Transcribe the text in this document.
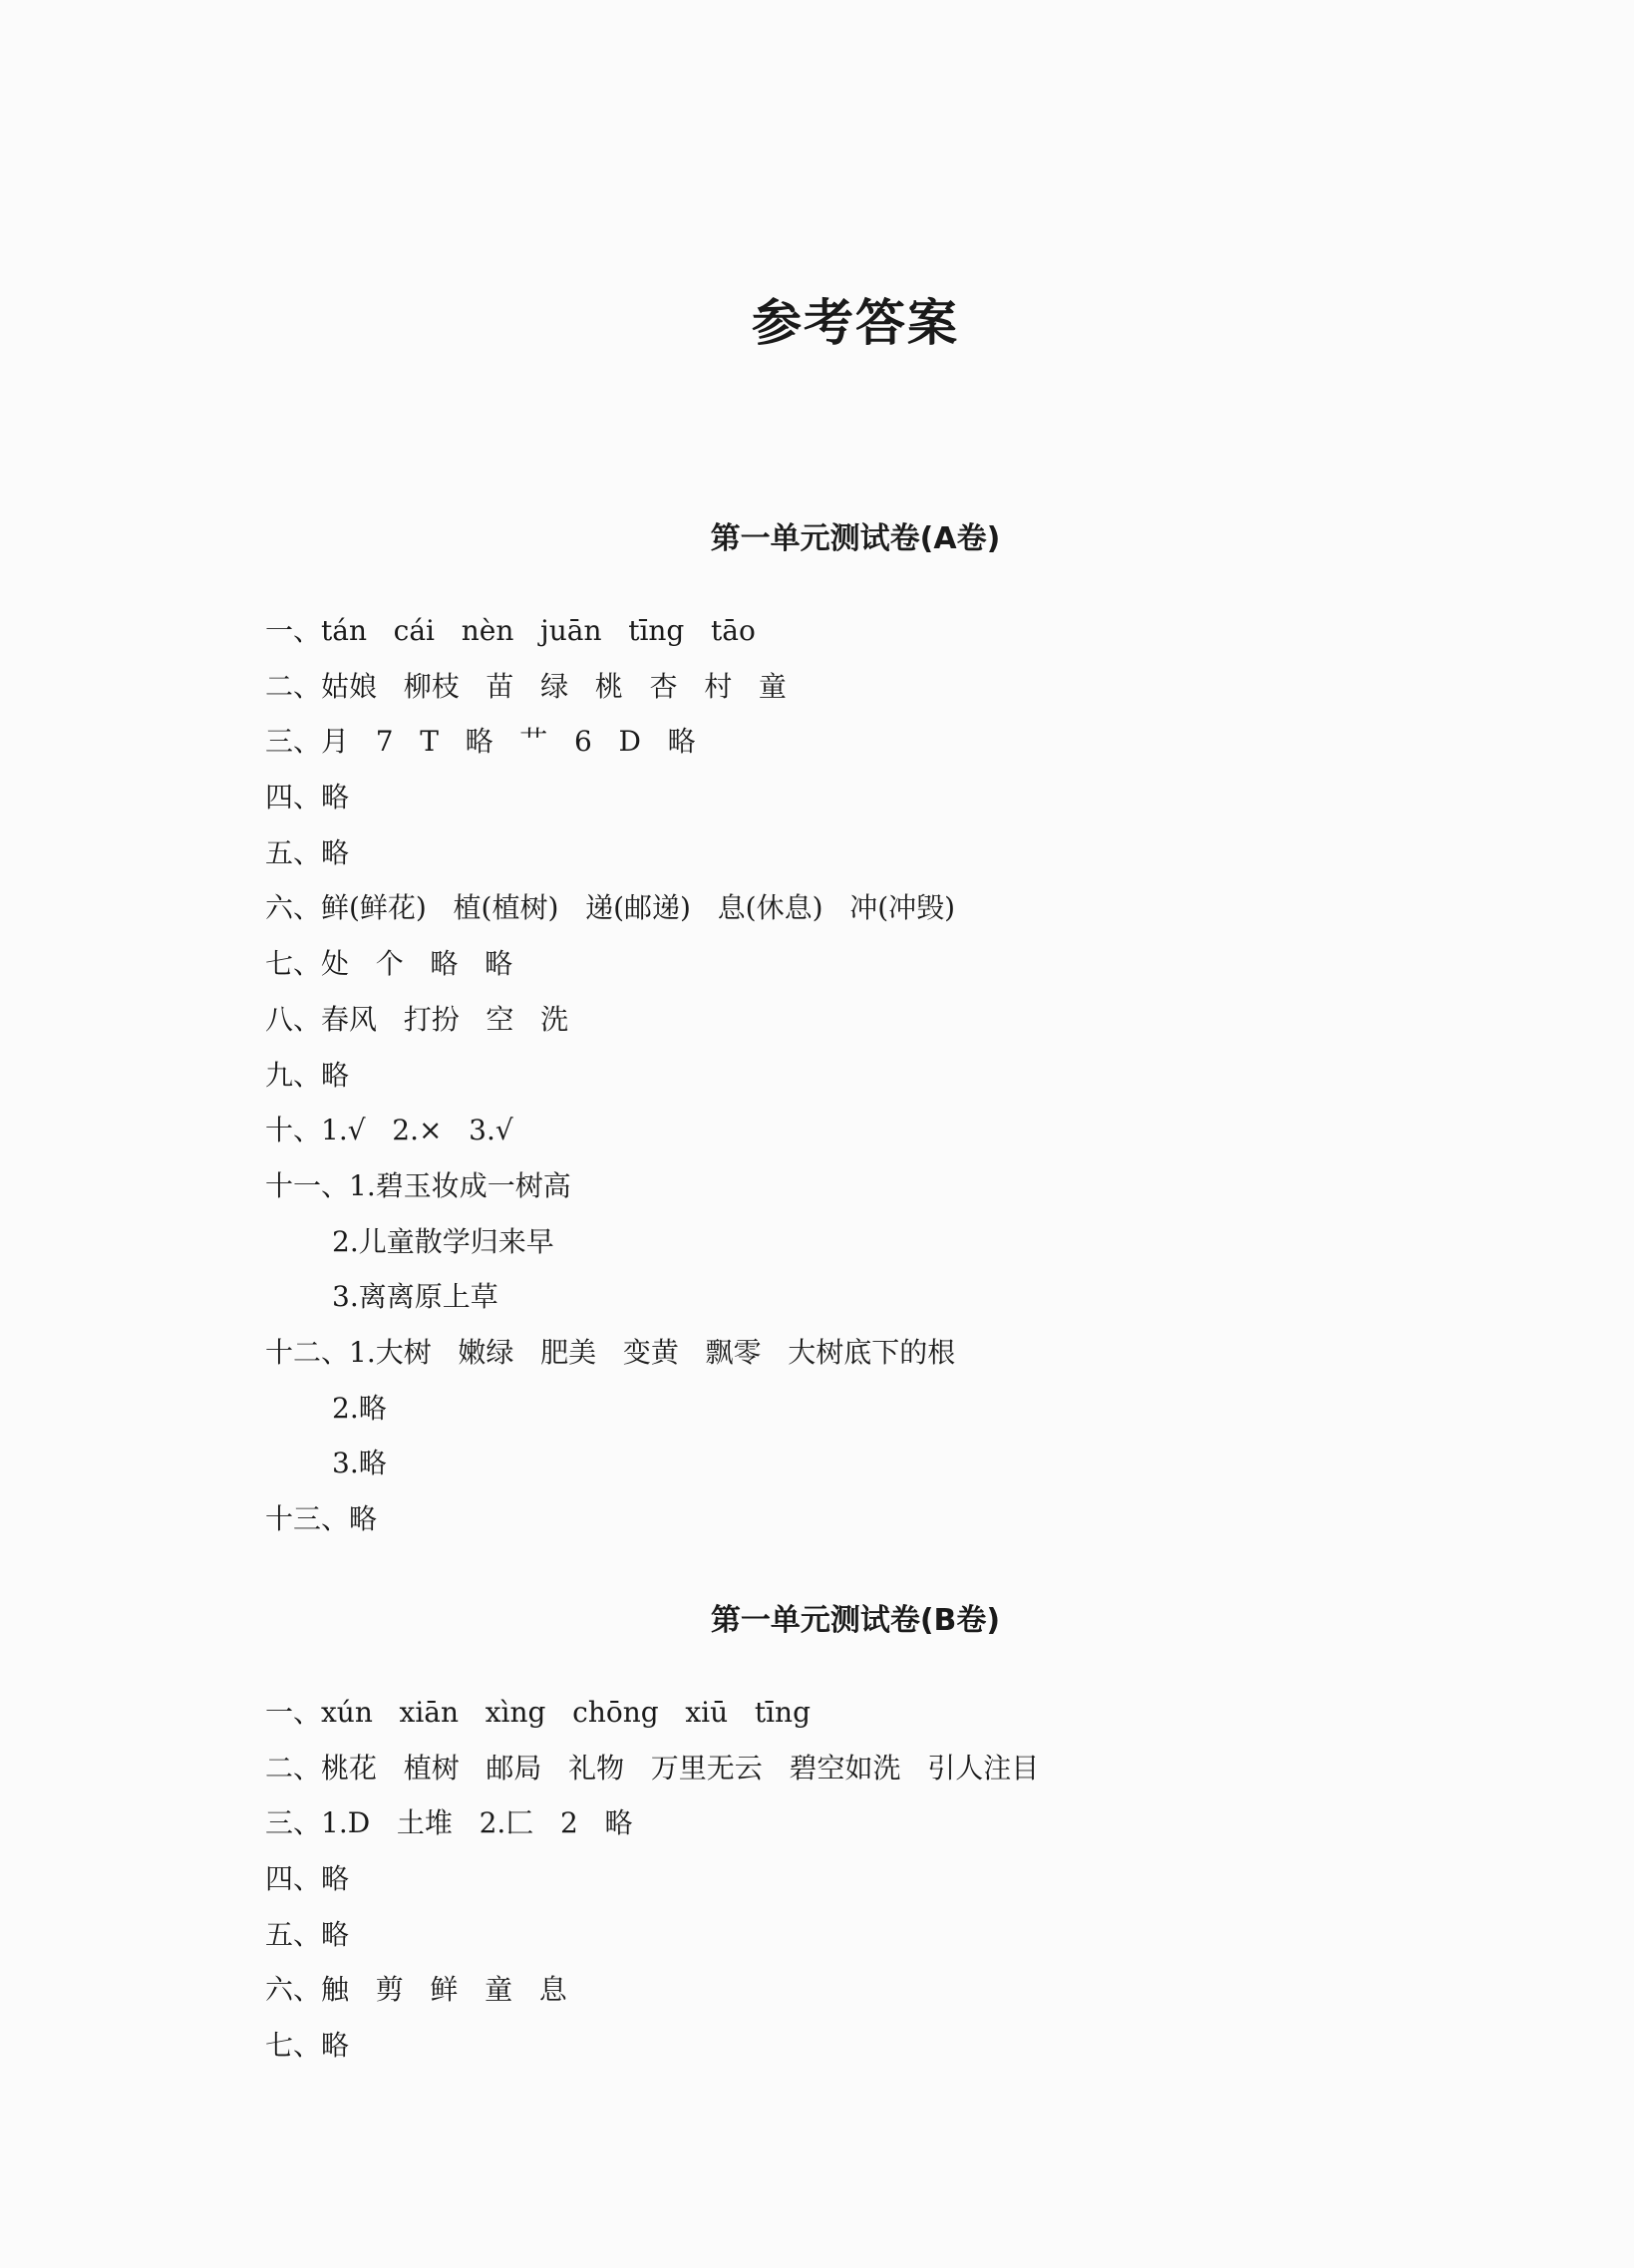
参考答案
第一单元测试卷(A卷)
一、tán   cái   nèn   juān   tīng   tāo
二、姑娘   柳枝   苗   绿   桃   杏   村   童
三、月   7   T   略   艹   6   D   略
四、略
五、略
六、鲜(鲜花)   植(植树)   递(邮递)   息(休息)   冲(冲毁)
七、处   个   略   略
八、春风   打扮   空   洗
九、略
十、1.√   2.×   3.√
十一、1.碧玉妆成一树高
2.儿童散学归来早
3.离离原上草
十二、1.大树   嫩绿   肥美   变黄   飘零   大树底下的根
2.略
3.略
十三、略
第一单元测试卷(B卷)
一、xún   xiān   xìng   chōng   xiū   tīng
二、桃花   植树   邮局   礼物   万里无云   碧空如洗   引人注目
三、1.D   土堆   2.匚   2   略
四、略
五、略
六、触   剪   鲜   童   息
七、略
